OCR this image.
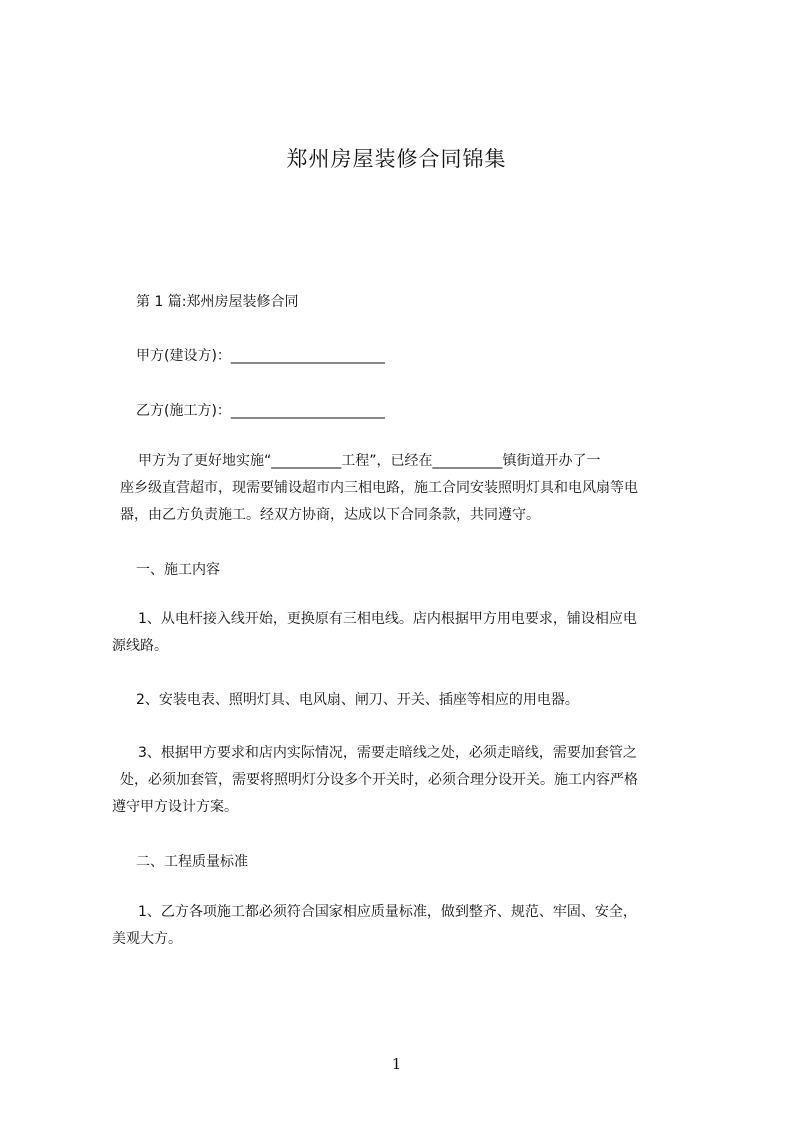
郑州房屋装修合同锦集

第 1 篇:郑州房屋装修合同

甲方(建设方)：______________________

乙方(施工方)：______________________

甲方为了更好地实施“__________工程”，已经在__________镇街道开办了一
座乡级直营超市，现需要铺设超市内三相电路，施工合同安装照明灯具和电风扇等电
器，由乙方负责施工。经双方协商，达成以下合同条款，共同遵守。

一、施工内容

1、从电杆接入线开始，更换原有三相电线。店内根据甲方用电要求，铺设相应电
源线路。

2、安装电表、照明灯具、电风扇、闸刀、开关、插座等相应的用电器。

3、根据甲方要求和店内实际情况，需要走暗线之处，必须走暗线，需要加套管之
处，必须加套管，需要将照明灯分设多个开关时，必须合理分设开关。施工内容严格
遵守甲方设计方案。

二、工程质量标准

1、乙方各项施工都必须符合国家相应质量标准，做到整齐、规范、牢固、安全，
美观大方。

1
